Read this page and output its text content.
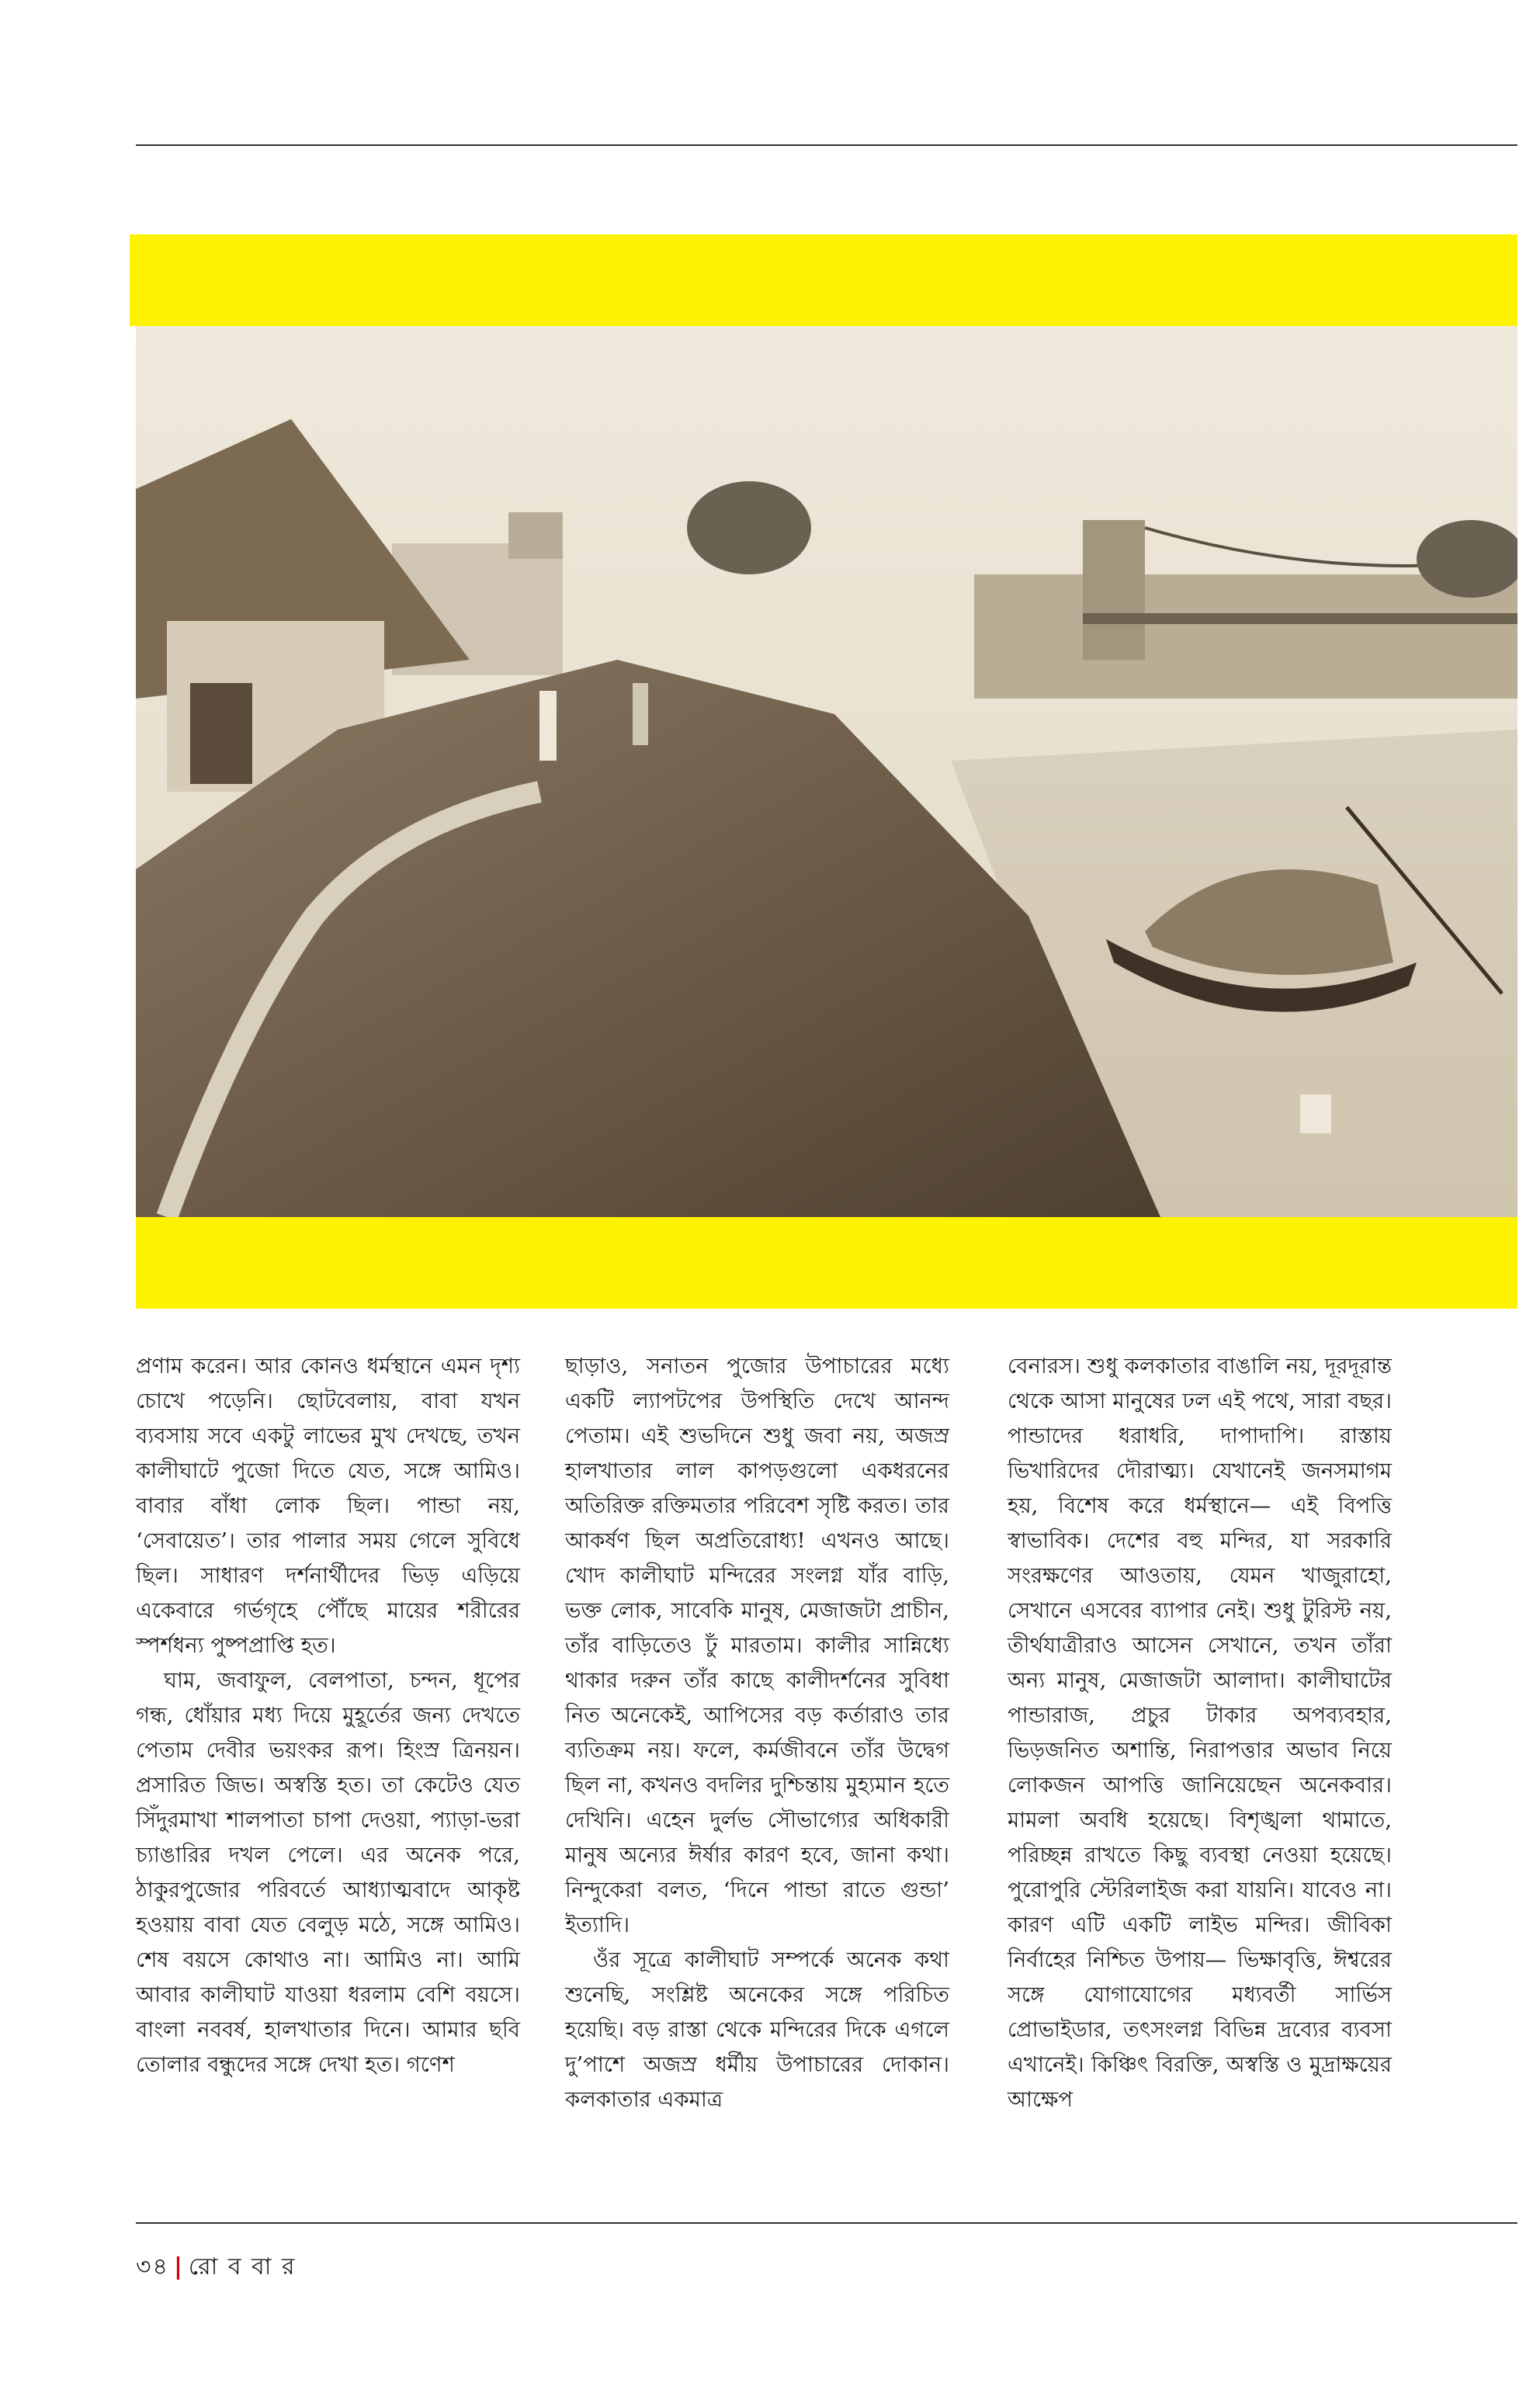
প্রণাম করেন। আর কোনও ধর্মস্থানে এমন দৃশ্য চোখে পড়েনি। ছোটবেলায়, বাবা যখন ব্যবসায় সবে একটু লাভের মুখ দেখছে, তখন কালীঘাটে পুজো দিতে যেত, সঙ্গে আমিও। বাবার বাঁধা লোক ছিল। পান্ডা নয়, ‘সেবায়েত’। তার পালার সময় গেলে সুবিধে ছিল। সাধারণ দর্শনার্থীদের ভিড় এড়িয়ে একেবারে গর্ভগৃহে পৌঁছে মায়ের শরীরের স্পর্শধন্য পুষ্পপ্রাপ্তি হত।

ঘাম, জবাফুল, বেলপাতা, চন্দন, ধূপের গন্ধ, ধোঁয়ার মধ্য দিয়ে মুহূর্তের জন্য দেখতে পেতাম দেবীর ভয়ংকর রূপ। হিংস্র ত্রিনয়ন। প্রসারিত জিভ। অস্বস্তি হত। তা কেটেও যেত সিঁদুরমাখা শালপাতা চাপা দেওয়া, প্যাড়া-ভরা চ্যাঙারির দখল পেলে। এর অনেক পরে, ঠাকুরপুজোর পরিবর্তে আধ্যাত্মবাদে আকৃষ্ট হওয়ায় বাবা যেত বেলুড় মঠে, সঙ্গে আমিও। শেষ বয়সে কোথাও না। আমিও না। আমি আবার কালীঘাট যাওয়া ধরলাম বেশি বয়সে। বাংলা নববর্ষ, হালখাতার দিনে। আমার ছবি তোলার বন্ধুদের সঙ্গে দেখা হত। গণেশ

ছাড়াও, সনাতন পুজোর উপাচারের মধ্যে একটি ল্যাপটপের উপস্থিতি দেখে আনন্দ পেতাম। এই শুভদিনে শুধু জবা নয়, অজস্র হালখাতার লাল কাপড়গুলো একধরনের অতিরিক্ত রক্তিমতার পরিবেশ সৃষ্টি করত। তার আকর্ষণ ছিল অপ্রতিরোধ্য! এখনও আছে। খোদ কালীঘাট মন্দিরের সংলগ্ন যাঁর বাড়ি, ভক্ত লোক, সাবেকি মানুষ, মেজাজটা প্রাচীন, তাঁর বাড়িতেও ঢুঁ মারতাম। কালীর সান্নিধ্যে থাকার দরুন তাঁর কাছে কালীদর্শনের সুবিধা নিত অনেকেই, আপিসের বড় কর্তারাও তার ব্যতিক্রম নয়। ফলে, কর্মজীবনে তাঁর উদ্বেগ ছিল না, কখনও বদলির দুশ্চিন্তায় মুহ্যমান হতে দেখিনি। এহেন দুর্লভ সৌভাগ্যের অধিকারী মানুষ অন্যের ঈর্ষার কারণ হবে, জানা কথা। নিন্দুকেরা বলত, ‘দিনে পান্ডা রাতে গুন্ডা’ ইত্যাদি।

ওঁর সূত্রে কালীঘাট সম্পর্কে অনেক কথা শুনেছি, সংশ্লিষ্ট অনেকের সঙ্গে পরিচিত হয়েছি। বড় রাস্তা থেকে মন্দিরের দিকে এগলে দু’পাশে অজস্র ধর্মীয় উপাচারের দোকান। কলকাতার একমাত্র

বেনারস। শুধু কলকাতার বাঙালি নয়, দূরদূরান্ত থেকে আসা মানুষের ঢল এই পথে, সারা বছর। পান্ডাদের ধরাধরি, দাপাদাপি। রাস্তায় ভিখারিদের দৌরাত্ম্য। যেখানেই জনসমাগম হয়, বিশেষ করে ধর্মস্থানে— এই বিপত্তি স্বাভাবিক। দেশের বহু মন্দির, যা সরকারি সংরক্ষণের আওতায়, যেমন খাজুরাহো, সেখানে এসবের ব্যাপার নেই। শুধু টুরিস্ট নয়, তীর্থযাত্রীরাও আসেন সেখানে, তখন তাঁরা অন্য মানুষ, মেজাজটা আলাদা। কালীঘাটের পান্ডারাজ, প্রচুর টাকার অপব্যবহার, ভিড়জনিত অশান্তি, নিরাপত্তার অভাব নিয়ে লোকজন আপত্তি জানিয়েছেন অনেকবার। মামলা অবধি হয়েছে। বিশৃঙ্খলা থামাতে, পরিচ্ছন্ন রাখতে কিছু ব্যবস্থা নেওয়া হয়েছে। পুরোপুরি স্টেরিলাইজ করা যায়নি। যাবেও না। কারণ এটি একটি লাইভ মন্দির। জীবিকা নির্বাহের নিশ্চিত উপায়— ভিক্ষাবৃত্তি, ঈশ্বরের সঙ্গে যোগাযোগের মধ্যবর্তী সার্ভিস প্রোভাইডার, তৎসংলগ্ন বিভিন্ন দ্রব্যের ব্যবসা এখানেই। কিঞ্চিৎ বিরক্তি, অস্বস্তি ও মুদ্রাক্ষয়ের আক্ষেপ

৩৪ | রো ব বা র
